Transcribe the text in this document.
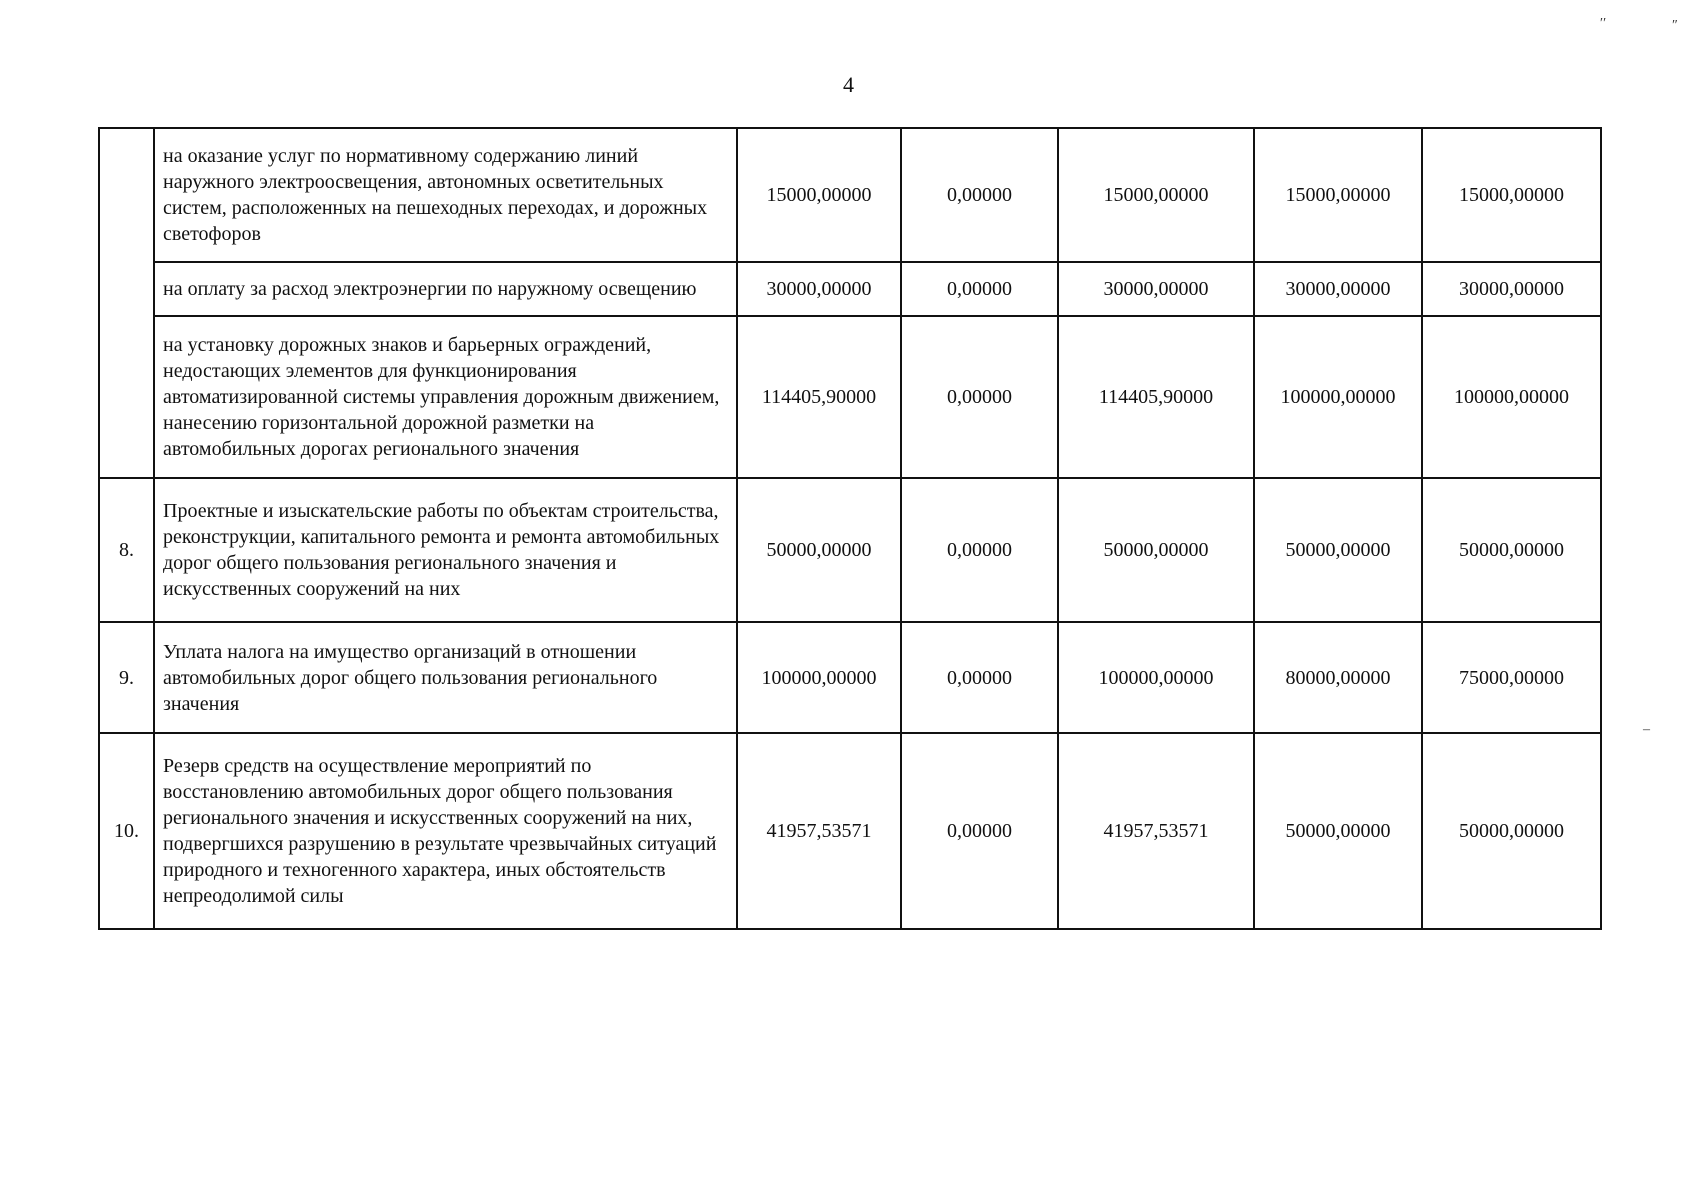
4
′′	″
–
	на оказание услуг по нормативному содержанию линий наружного электроосвещения, автономных осветительных систем, расположенных на пешеходных переходах, и дорожных светофоров	15000,00000	0,00000	15000,00000	15000,00000	15000,00000
	на оплату за расход электроэнергии по наружному освещению	30000,00000	0,00000	30000,00000	30000,00000	30000,00000
	на установку дорожных знаков и барьерных ограждений, недостающих элементов для функционирования автоматизированной системы управления дорожным движением, нанесению горизонтальной дорожной разметки на автомобильных дорогах регионального значения	114405,90000	0,00000	114405,90000	100000,00000	100000,00000
8.	Проектные и изыскательские работы по объектам строительства, реконструкции, капитального ремонта и ремонта автомобильных дорог общего пользования регионального значения и искусственных сооружений на них	50000,00000	0,00000	50000,00000	50000,00000	50000,00000
9.	Уплата налога на имущество организаций в отношении автомобильных дорог общего пользования регионального значения	100000,00000	0,00000	100000,00000	80000,00000	75000,00000
10.	Резерв средств на осуществление мероприятий по восстановлению автомобильных дорог общего пользования регионального значения и искусственных сооружений на них, подвергшихся разрушению в результате чрезвычайных ситуаций природного и техногенного характера, иных обстоятельств непреодолимой силы	41957,53571	0,00000	41957,53571	50000,00000	50000,00000
